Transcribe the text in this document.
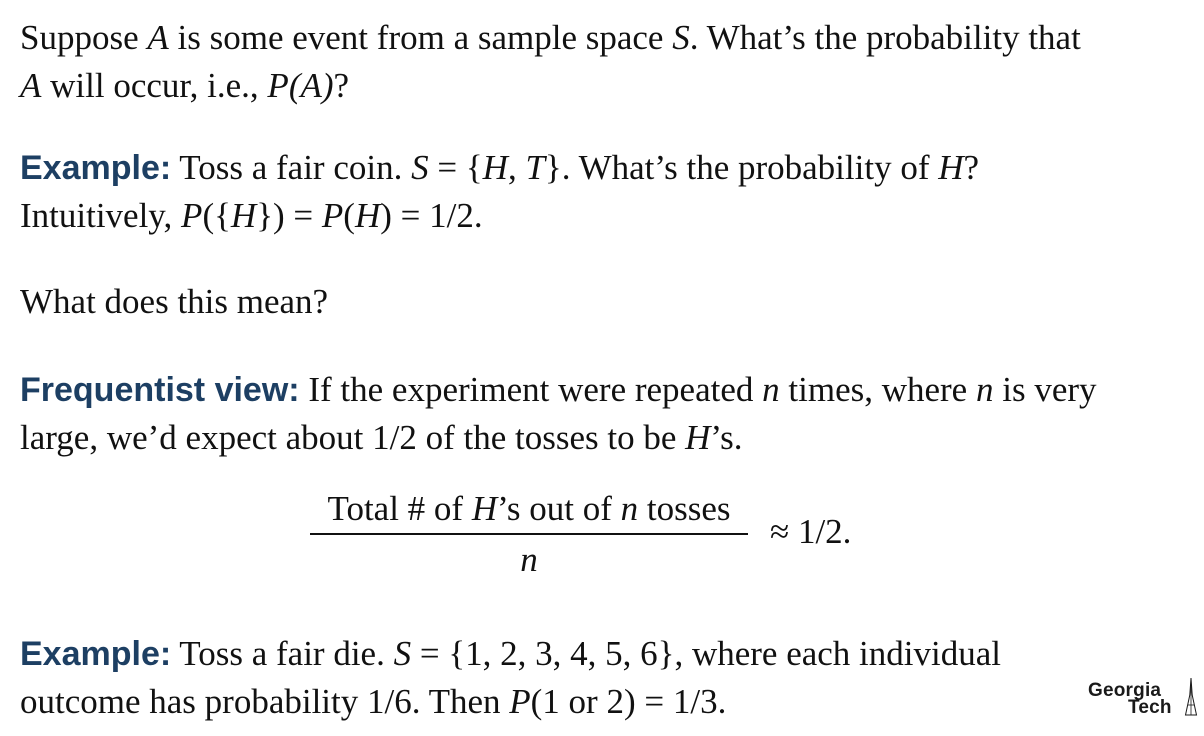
Suppose A is some event from a sample space S. What’s the probability that
A will occur, i.e., P(A)?

Example: Toss a fair coin. S = {H, T}. What’s the probability of H?
Intuitively, P({H}) = P(H) = 1/2.

What does this mean?

Frequentist view: If the experiment were repeated n times, where n is very
large, we’d expect about 1/2 of the tosses to be H’s.

Total # of H’s out of n tosses
n
≈ 1/2.

Example: Toss a fair die. S = {1, 2, 3, 4, 5, 6}, where each individual
outcome has probability 1/6. Then P(1 or 2) = 1/3.	Georgia
Tech
